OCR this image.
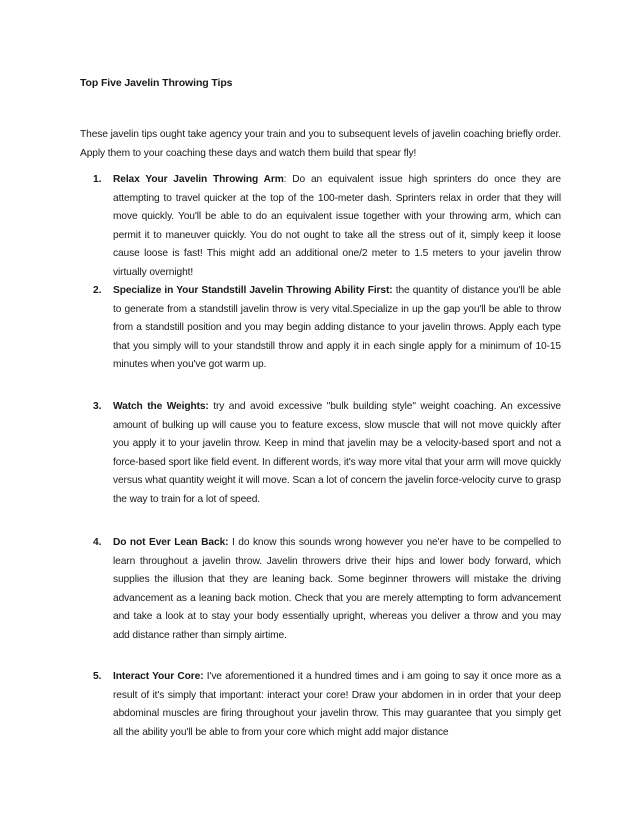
Top Five Javelin Throwing Tips

These javelin tips ought take agency your train and you to subsequent levels of javelin coaching briefly order. Apply them to your coaching these days and watch them build that spear fly!

1. Relax Your Javelin Throwing Arm: Do an equivalent issue high sprinters do once they are attempting to travel quicker at the top of the 100-meter dash. Sprinters relax in order that they will move quickly. You'll be able to do an equivalent issue together with your throwing arm, which can permit it to maneuver quickly. You do not ought to take all the stress out of it, simply keep it loose cause loose is fast! This might add an additional one/2 meter to 1.5 meters to your javelin throw virtually overnight!
2. Specialize in Your Standstill Javelin Throwing Ability First: the quantity of distance you'll be able to generate from a standstill javelin throw is very vital.Specialize in up the gap you'll be able to throw from a standstill position and you may begin adding distance to your javelin throws. Apply each type that you simply will to your standstill throw and apply it in each single apply for a minimum of 10-15 minutes when you've got warm up.
3. Watch the Weights: try and avoid excessive "bulk building style" weight coaching. An excessive amount of bulking up will cause you to feature excess, slow muscle that will not move quickly after you apply it to your javelin throw. Keep in mind that javelin may be a velocity-based sport and not a force-based sport like field event. In different words, it's way more vital that your arm will move quickly versus what quantity weight it will move. Scan a lot of concern the javelin force-velocity curve to grasp the way to train for a lot of speed.
4. Do not Ever Lean Back: I do know this sounds wrong however you ne'er have to be compelled to learn throughout a javelin throw. Javelin throwers drive their hips and lower body forward, which supplies the illusion that they are leaning back. Some beginner throwers will mistake the driving advancement as a leaning back motion. Check that you are merely attempting to form advancement and take a look at to stay your body essentially upright, whereas you deliver a throw and you may add distance rather than simply airtime.
5. Interact Your Core: I've aforementioned it a hundred times and i am going to say it once more as a result of it's simply that important: interact your core! Draw your abdomen in in order that your deep abdominal muscles are firing throughout your javelin throw. This may guarantee that you simply get all the ability you'll be able to from your core which might add major distance
